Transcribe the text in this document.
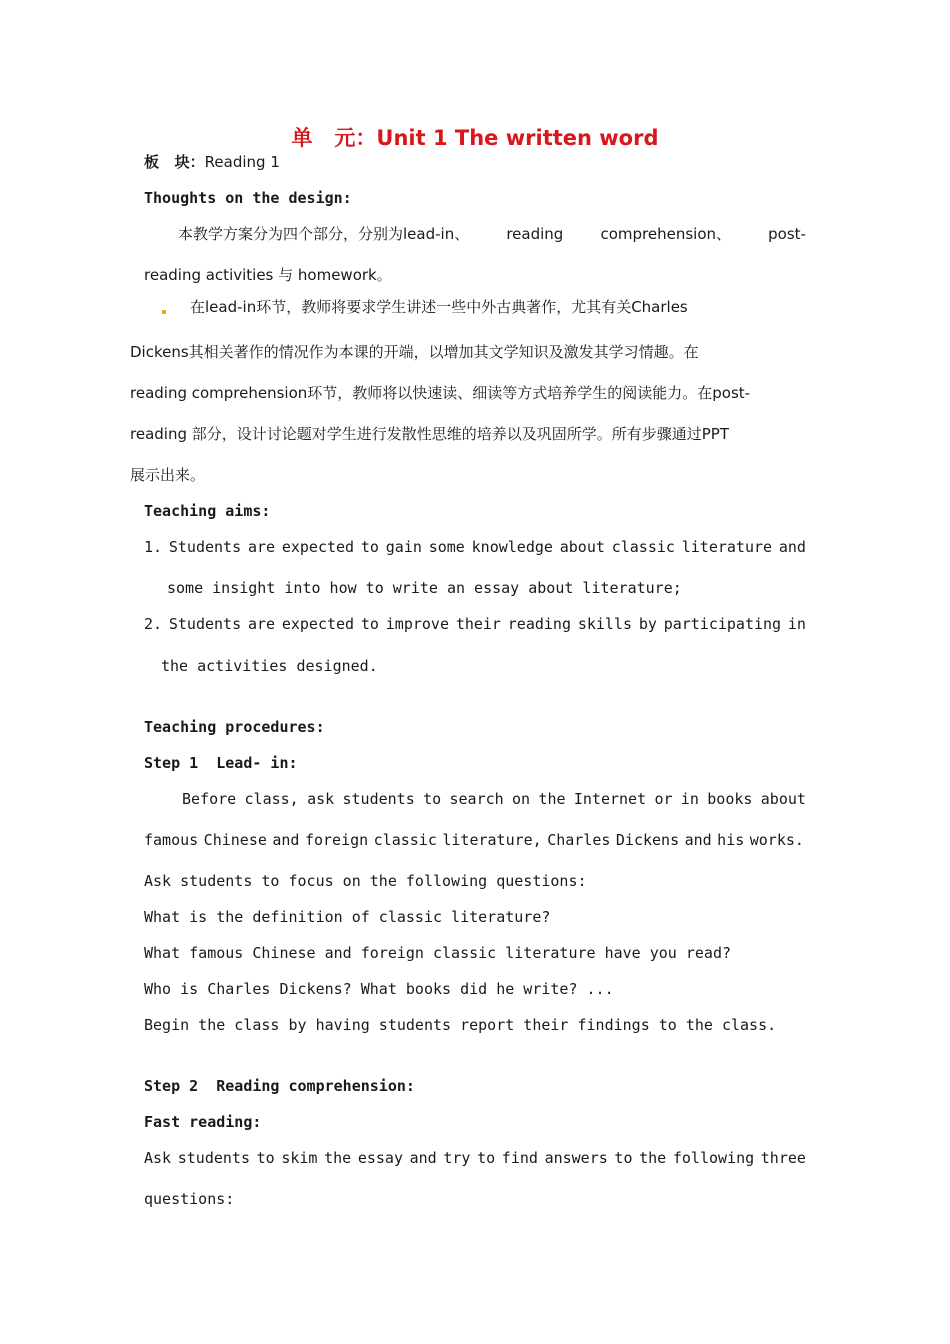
单   元：Unit 1 The written word
板   块：Reading 1
Thoughts on the design:
本教学方案分为四个部分，分别为lead-in、 reading comprehension、 post-
reading activities 与 homework。
在lead-in环节，教师将要求学生讲述一些中外古典著作，尤其有关Charles
Dickens其相关著作的情况作为本课的开端，以增加其文学知识及激发其学习情趣。在
reading comprehension环节，教师将以快速读、细读等方式培养学生的阅读能力。在post-
reading 部分，设计讨论题对学生进行发散性思维的培养以及巩固所学。所有步骤通过PPT
展示出来。
Teaching aims:
1. Students are expected to gain some knowledge about classic literature and
some insight into how to write an essay about literature;
2. Students are expected to improve their reading skills by participating in
the activities designed.
Teaching procedures:
Step 1  Lead- in:
Before class, ask students to search on the Internet or in books about
famous Chinese and foreign classic literature, Charles Dickens and his works.
Ask students to focus on the following questions:
What is the definition of classic literature?
What famous Chinese and foreign classic literature have you read?
Who is Charles Dickens? What books did he write? ...
Begin the class by having students report their findings to the class.
Step 2  Reading comprehension:
Fast reading:
Ask students to skim the essay and try to find answers to the following three
questions:
